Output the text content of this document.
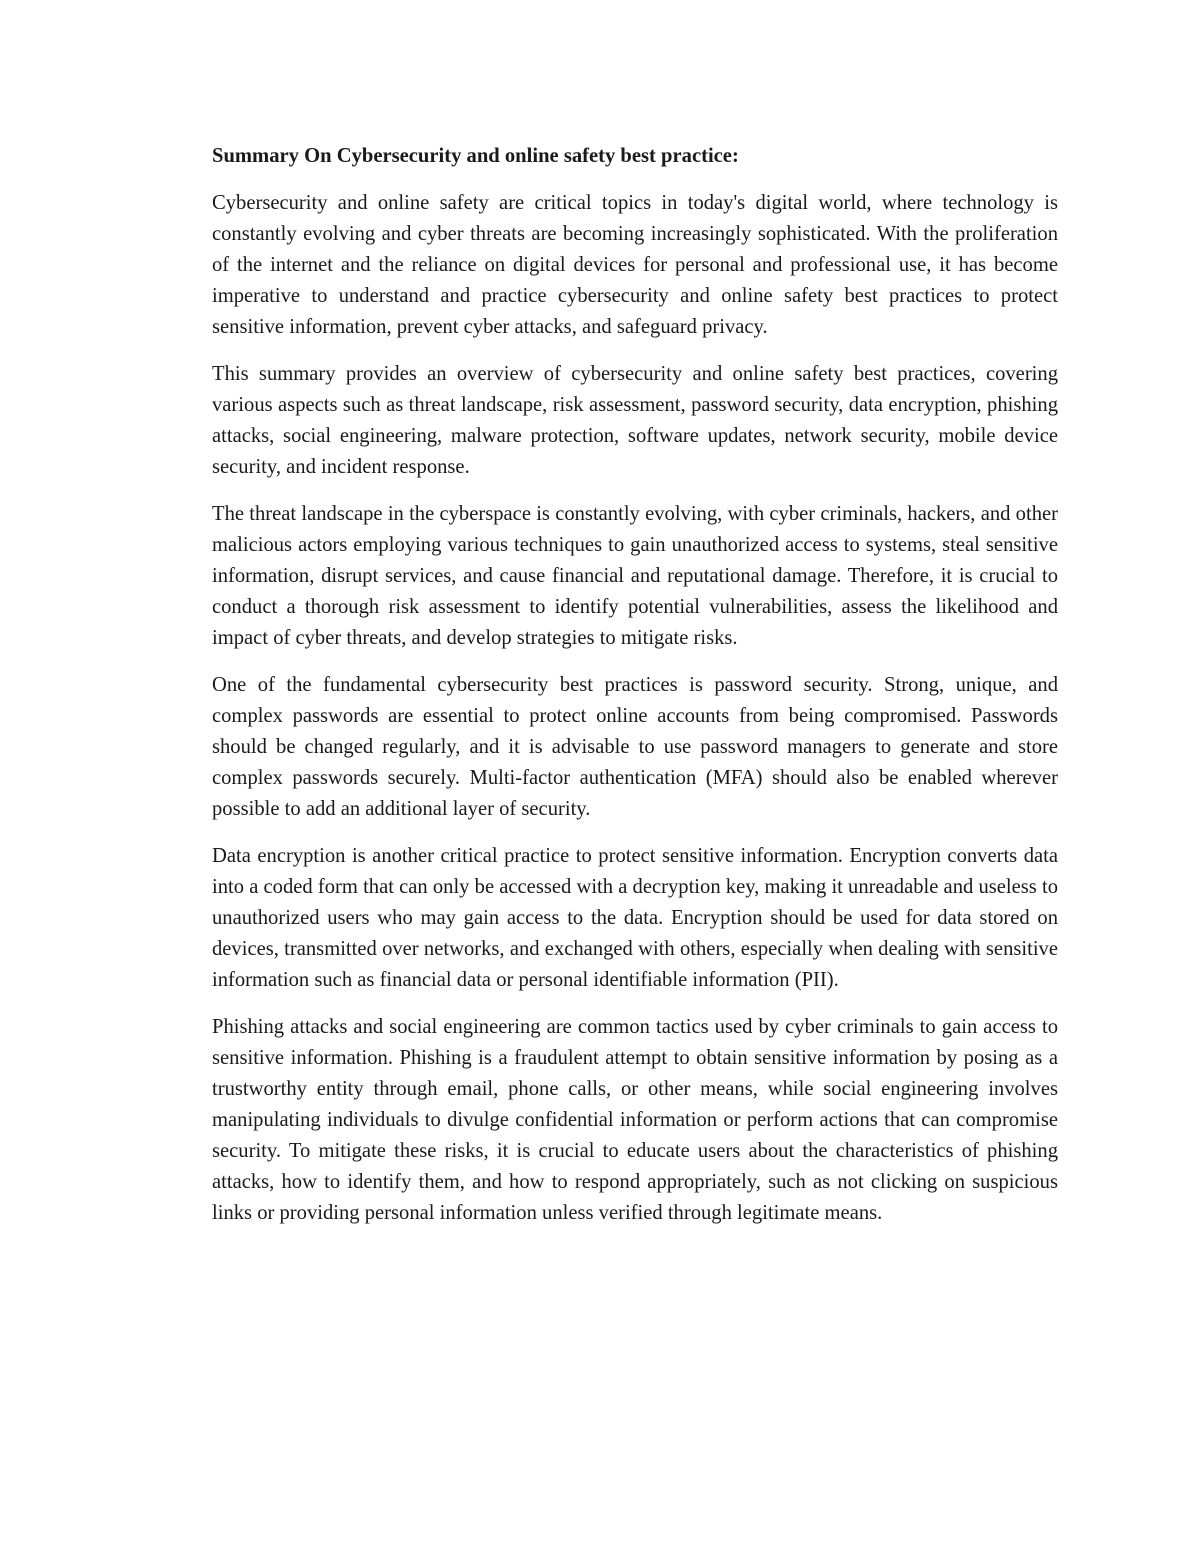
Summary On Cybersecurity and online safety best practice:

Cybersecurity and online safety are critical topics in today's digital world, where technology is constantly evolving and cyber threats are becoming increasingly sophisticated. With the proliferation of the internet and the reliance on digital devices for personal and professional use, it has become imperative to understand and practice cybersecurity and online safety best practices to protect sensitive information, prevent cyber attacks, and safeguard privacy.

This summary provides an overview of cybersecurity and online safety best practices, covering various aspects such as threat landscape, risk assessment, password security, data encryption, phishing attacks, social engineering, malware protection, software updates, network security, mobile device security, and incident response.

The threat landscape in the cyberspace is constantly evolving, with cyber criminals, hackers, and other malicious actors employing various techniques to gain unauthorized access to systems, steal sensitive information, disrupt services, and cause financial and reputational damage. Therefore, it is crucial to conduct a thorough risk assessment to identify potential vulnerabilities, assess the likelihood and impact of cyber threats, and develop strategies to mitigate risks.

One of the fundamental cybersecurity best practices is password security. Strong, unique, and complex passwords are essential to protect online accounts from being compromised. Passwords should be changed regularly, and it is advisable to use password managers to generate and store complex passwords securely. Multi-factor authentication (MFA) should also be enabled wherever possible to add an additional layer of security.

Data encryption is another critical practice to protect sensitive information. Encryption converts data into a coded form that can only be accessed with a decryption key, making it unreadable and useless to unauthorized users who may gain access to the data. Encryption should be used for data stored on devices, transmitted over networks, and exchanged with others, especially when dealing with sensitive information such as financial data or personal identifiable information (PII).

Phishing attacks and social engineering are common tactics used by cyber criminals to gain access to sensitive information. Phishing is a fraudulent attempt to obtain sensitive information by posing as a trustworthy entity through email, phone calls, or other means, while social engineering involves manipulating individuals to divulge confidential information or perform actions that can compromise security. To mitigate these risks, it is crucial to educate users about the characteristics of phishing attacks, how to identify them, and how to respond appropriately, such as not clicking on suspicious links or providing personal information unless verified through legitimate means.
